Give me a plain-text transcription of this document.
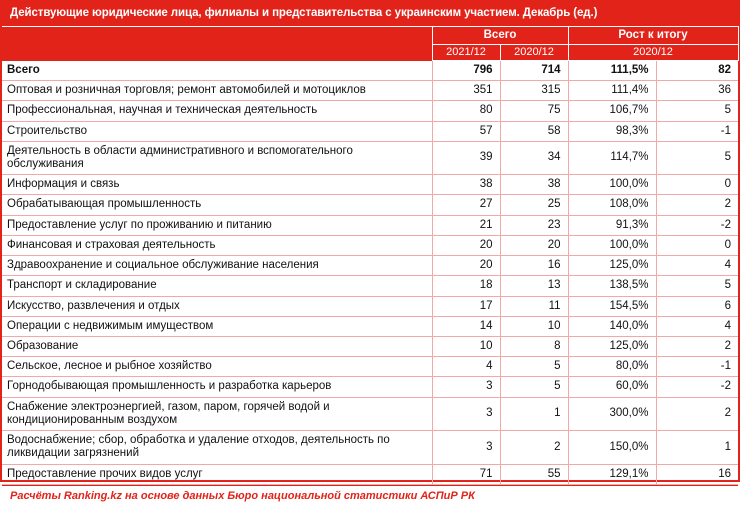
Действующие юридические лица, филиалы и представительства с украинским участием. Декабрь (ед.)
	Всего		Рост к итогу	
	2021/12	2020/12	2020/12	
Всего	796	714	111,5%	82
Оптовая и розничная торговля; ремонт автомобилей и мотоциклов	351	315	111,4%	36
Профессиональная, научная и техническая деятельность	80	75	106,7%	5
Строительство	57	58	98,3%	-1
Деятельность в области административного и вспомогательного обслуживания	39	34	114,7%	5
Информация и связь	38	38	100,0%	0
Обрабатывающая промышленность	27	25	108,0%	2
Предоставление услуг по проживанию и питанию	21	23	91,3%	-2
Финансовая и страховая деятельность	20	20	100,0%	0
Здравоохранение и социальное обслуживание населения	20	16	125,0%	4
Транспорт и складирование	18	13	138,5%	5
Искусство, развлечения и отдых	17	11	154,5%	6
Операции с недвижимым имуществом	14	10	140,0%	4
Образование	10	8	125,0%	2
Сельское, лесное и рыбное хозяйство	4	5	80,0%	-1
Горнодобывающая промышленность и разработка карьеров	3	5	60,0%	-2
Снабжение электроэнергией, газом, паром, горячей водой и кондиционированным воздухом	3	1	300,0%	2
Водоснабжение; сбор, обработка и удаление отходов, деятельность по ликвидации загрязнений	3	2	150,0%	1
Предоставление прочих видов услуг	71	55	129,1%	16
Расчёты Ranking.kz на основе данных Бюро национальной статистики АСПиР РК
